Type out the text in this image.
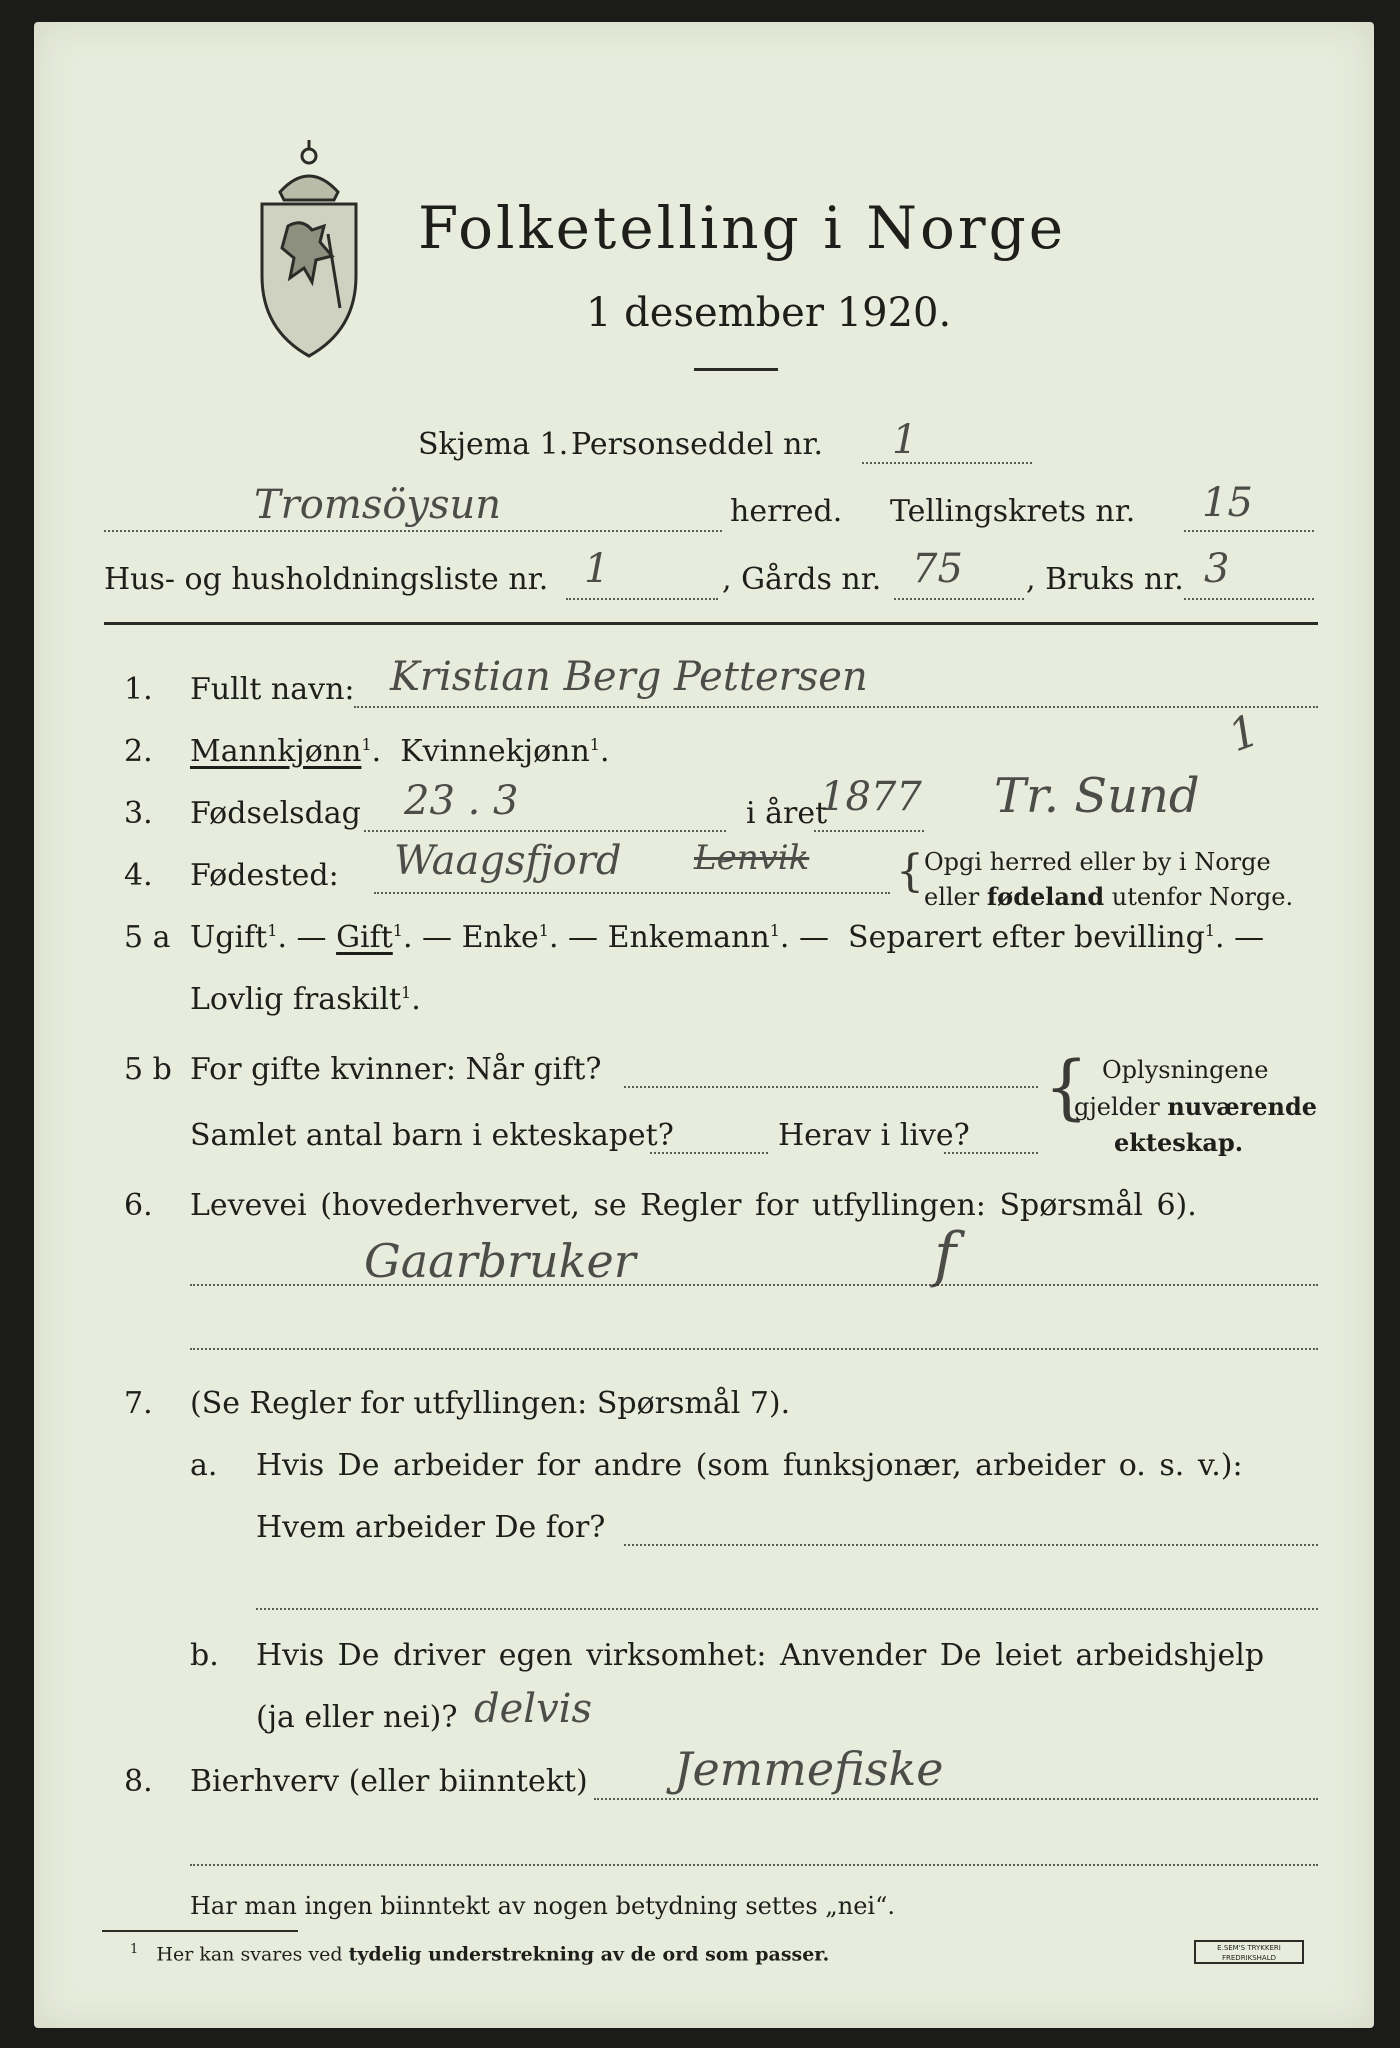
Folketelling i Norge
1 desember 1920.
Skjema 1. Personseddel nr. 1
Tromsöysun	herred. Tellingskrets nr. 15
Hus- og husholdningsliste nr. 1	, Gårds nr. 75 , Bruks nr. 3
1. Fullt navn: Kristian Berg Pettersen
2. Mannkjønn$^1$.  Kvinnekjønn$^1$.	1
3. Fødselsdag 23 . 3	i året
1877 Tr. Sund
4. Fødested: Waagsfjord Lenvik { Opgi herred eller by i Norge
eller fødeland utenfor Norge.
5 a Ugift$^1$. — Gift$^1$. — Enke$^1$. — Enkemann$^1$. — Separert efter bevilling$^1$. —
Lovlig fraskilt$^1$.
5 b For gifte kvinner: Når gift?
Samlet antal barn i ekteskapet?	Herav i live?
{ Oplysningene
gjelder nuværende
ekteskap.
6. Levevei (hovederhvervet, se Regler for utfyllingen: Spørsmål 6).
Gaarbruker	f
7. (Se Regler for utfyllingen: Spørsmål 7).
a. Hvis De arbeider for andre (som funksjonær, arbeider o. s. v.):
Hvem arbeider De for?
b. Hvis De driver egen virksomhet: Anvender De leiet arbeidshjelp
(ja eller nei)? delvis
8. Bierhverv (eller biinntekt) Jemmefiske
Har man ingen biinntekt av nogen betydning settes „nei“.
$^1$ Her kan svares ved tydelig understrekning av de ord som passer.	E.SEM'S TRYKKERI
FREDRIKSHALD
